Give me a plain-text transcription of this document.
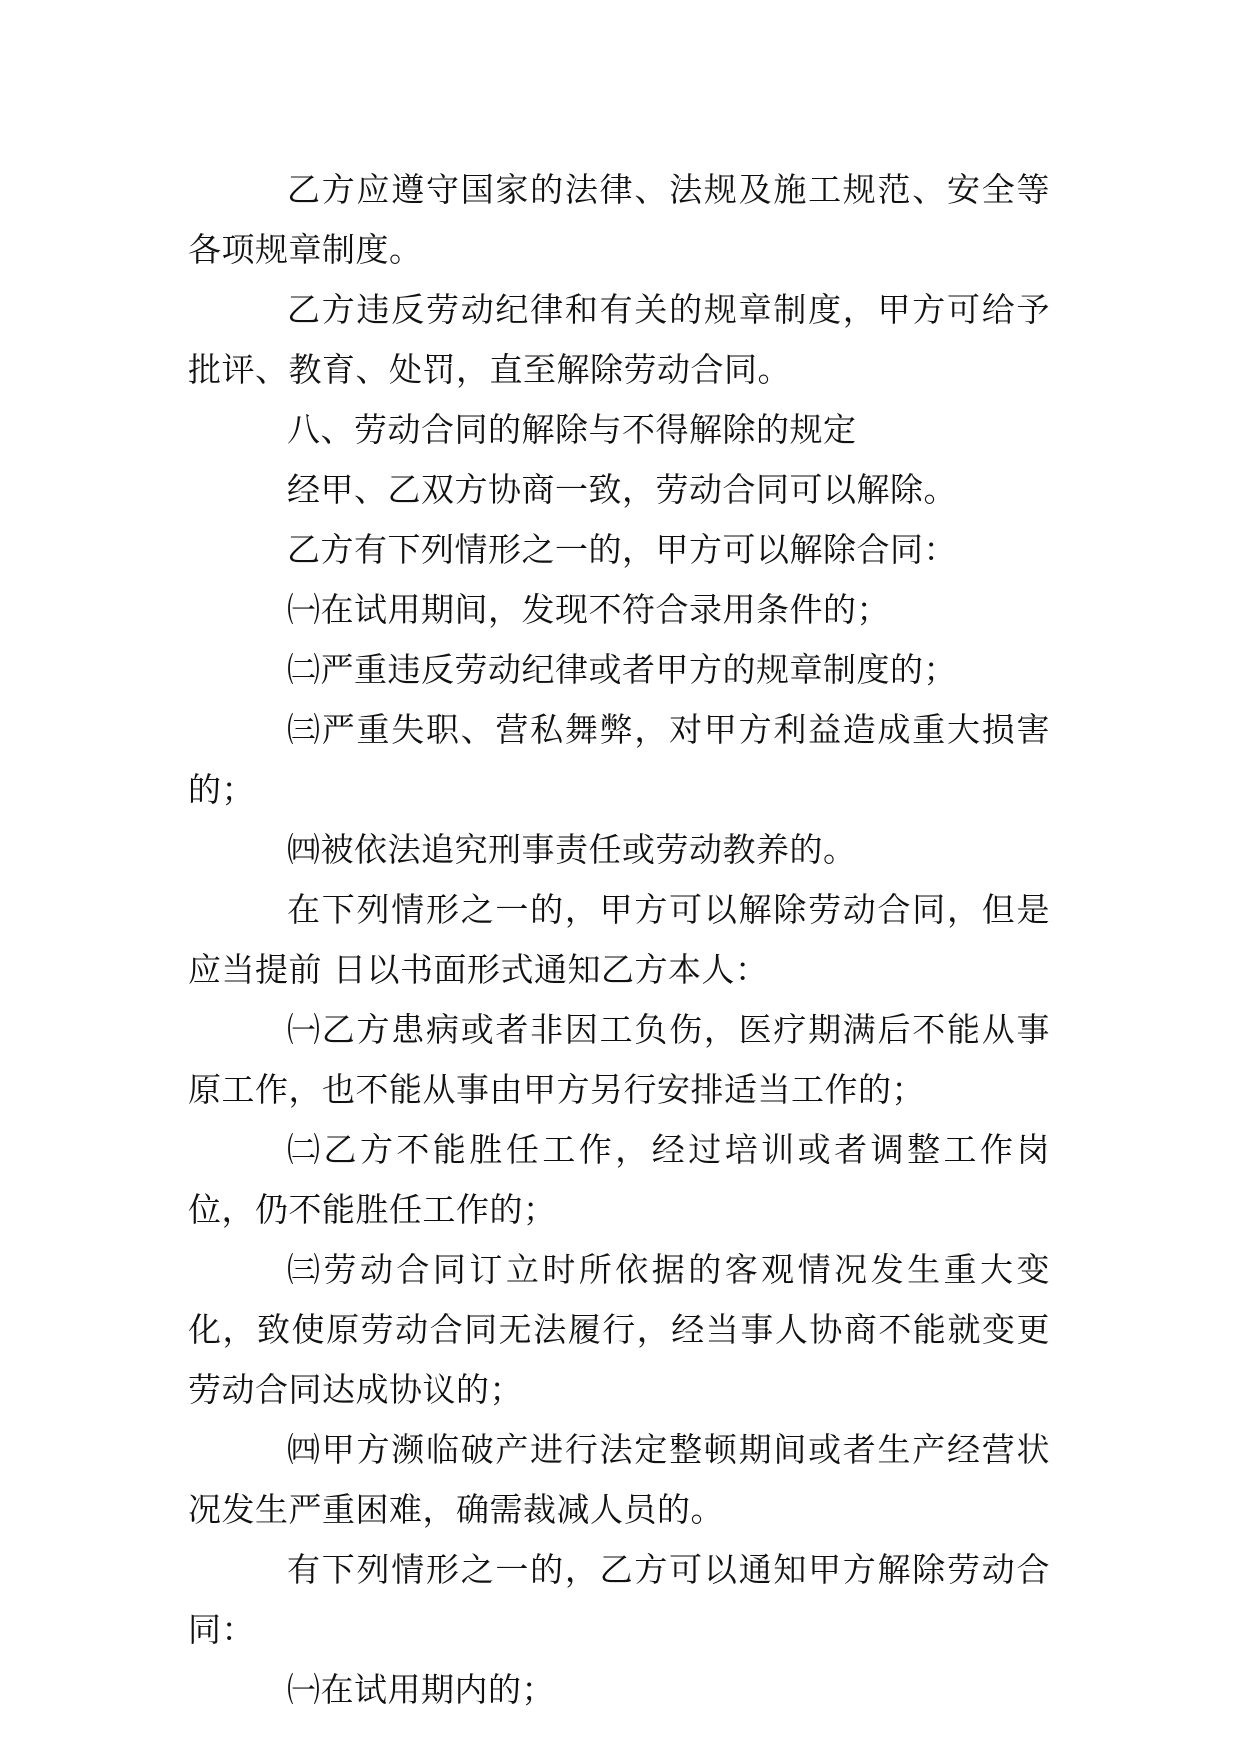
乙方应遵守国家的法律、法规及施工规范、安全等各项规章制度。

乙方违反劳动纪律和有关的规章制度，甲方可给予批评、教育、处罚，直至解除劳动合同。

八、劳动合同的解除与不得解除的规定

经甲、乙双方协商一致，劳动合同可以解除。

乙方有下列情形之一的，甲方可以解除合同：

㈠在试用期间，发现不符合录用条件的；

㈡严重违反劳动纪律或者甲方的规章制度的；

㈢严重失职、营私舞弊，对甲方利益造成重大损害的；

㈣被依法追究刑事责任或劳动教养的。

在下列情形之一的，甲方可以解除劳动合同，但是应当提前 日以书面形式通知乙方本人：

㈠乙方患病或者非因工负伤，医疗期满后不能从事原工作，也不能从事由甲方另行安排适当工作的；

㈡乙方不能胜任工作，经过培训或者调整工作岗位，仍不能胜任工作的；

㈢劳动合同订立时所依据的客观情况发生重大变化，致使原劳动合同无法履行，经当事人协商不能就变更劳动合同达成协议的；

㈣甲方濒临破产进行法定整顿期间或者生产经营状况发生严重困难，确需裁减人员的。

有下列情形之一的，乙方可以通知甲方解除劳动合同：

㈠在试用期内的；
